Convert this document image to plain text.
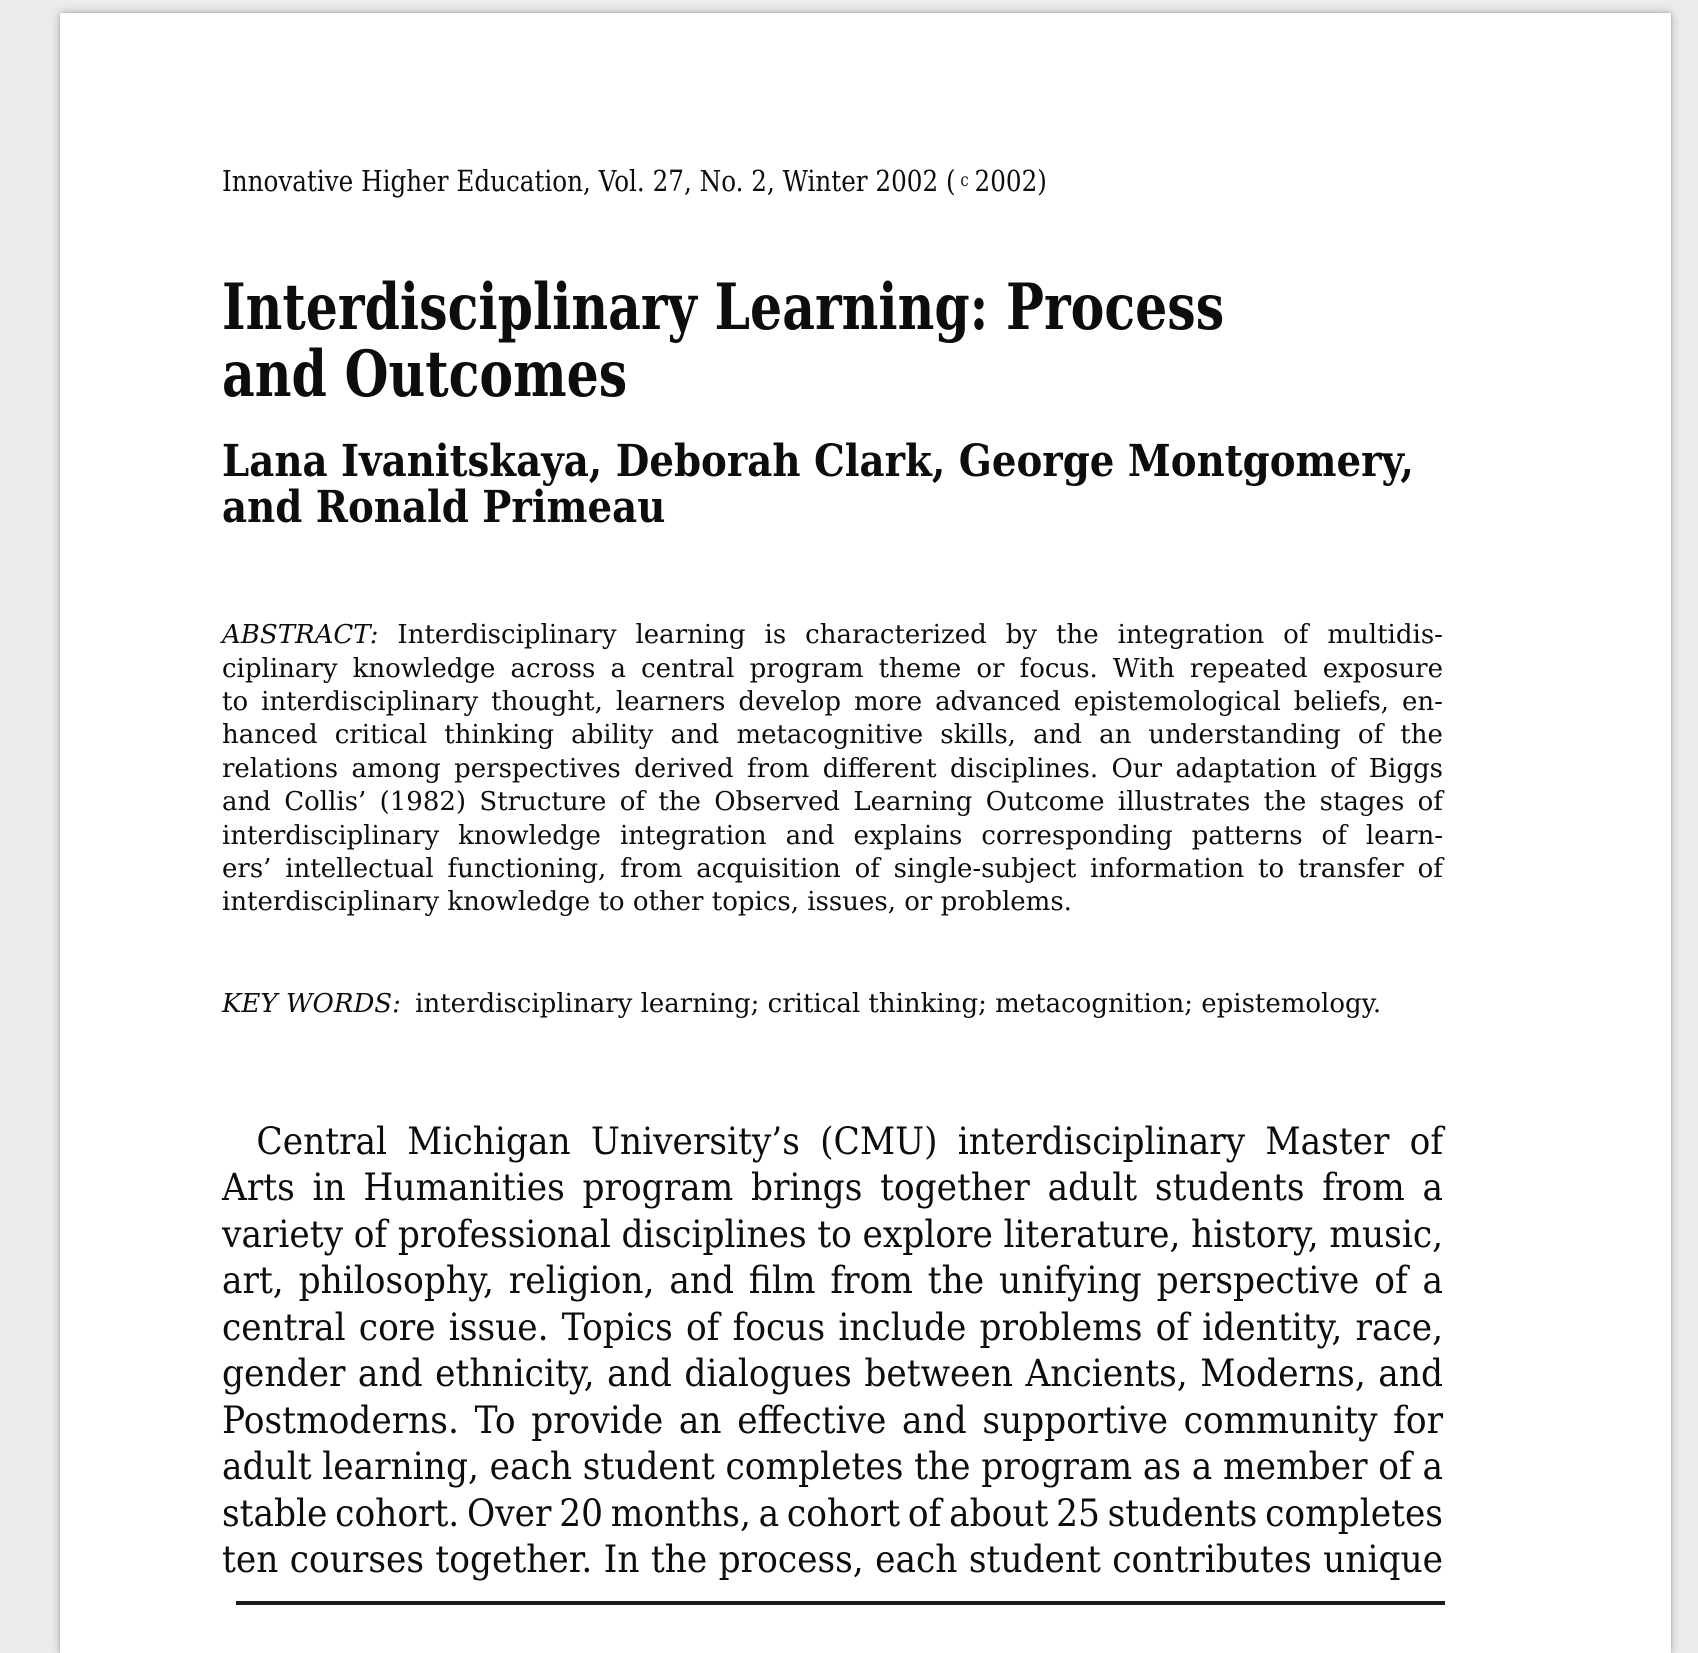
Innovative Higher Education, Vol. 27, No. 2, Winter 2002 ( c 2002)
Interdisciplinary Learning: Process
and Outcomes
Lana Ivanitskaya, Deborah Clark, George Montgomery,
and Ronald Primeau
ABSTRACT: Interdisciplinary learning is characterized by the integration of multidis-
ciplinary knowledge across a central program theme or focus. With repeated exposure
to interdisciplinary thought, learners develop more advanced epistemological beliefs, en-
hanced critical thinking ability and metacognitive skills, and an understanding of the
relations among perspectives derived from different disciplines. Our adaptation of Biggs
and Collis’ (1982) Structure of the Observed Learning Outcome illustrates the stages of
interdisciplinary knowledge integration and explains corresponding patterns of learn-
ers’ intellectual functioning, from acquisition of single-subject information to transfer of
interdisciplinary knowledge to other topics, issues, or problems.
KEY WORDS: interdisciplinary learning; critical thinking; metacognition; epistemology.
Central Michigan University’s (CMU) interdisciplinary Master of
Arts in Humanities program brings together adult students from a
variety of professional disciplines to explore literature, history, music,
art, philosophy, religion, and film from the unifying perspective of a
central core issue. Topics of focus include problems of identity, race,
gender and ethnicity, and dialogues between Ancients, Moderns, and
Postmoderns. To provide an effective and supportive community for
adult learning, each student completes the program as a member of a
stable cohort. Over 20 months, a cohort of about 25 students completes
ten courses together. In the process, each student contributes unique
